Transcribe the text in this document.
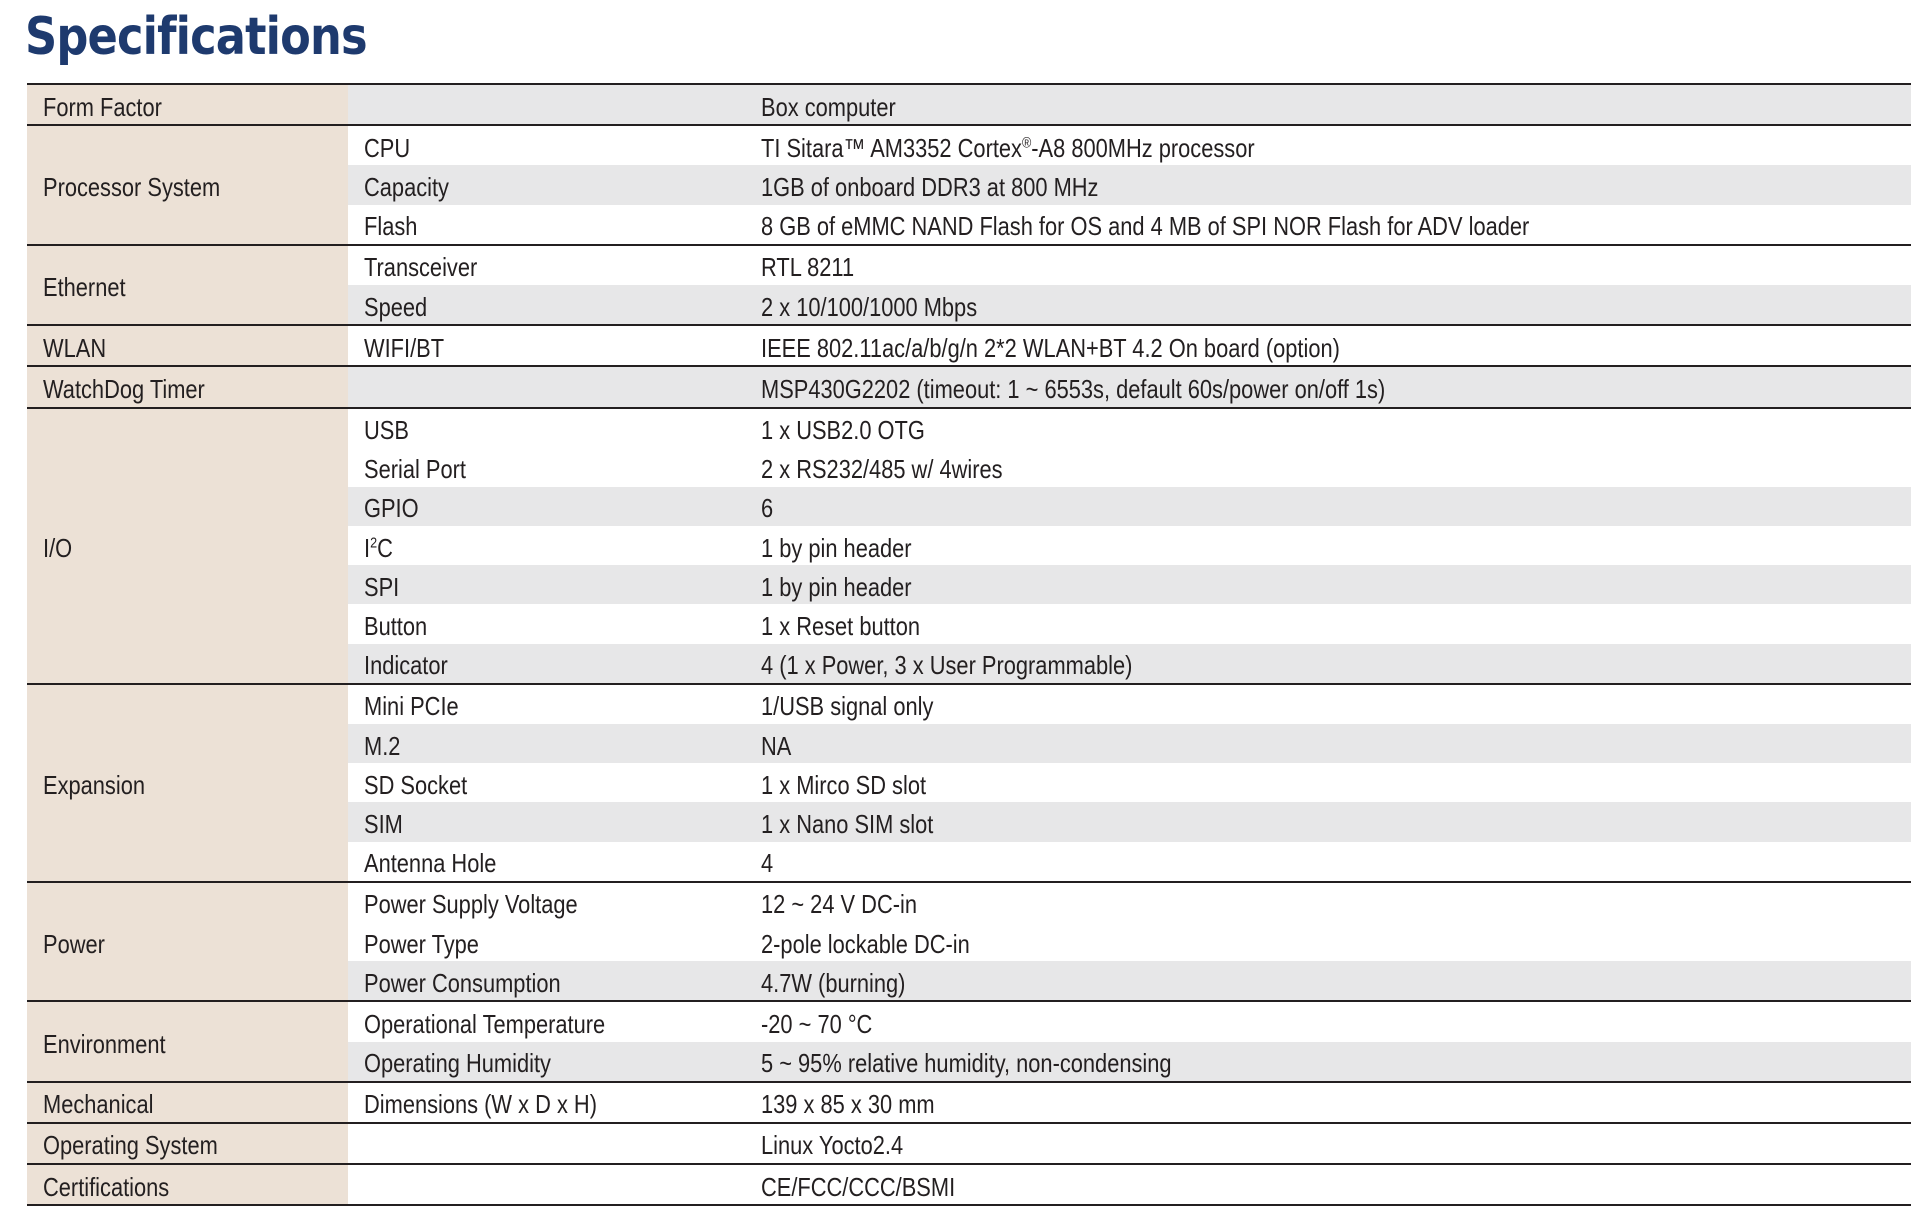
Specifications
Form Factor		Box computer
Processor System	CPU	TI Sitara™ AM3352 Cortex®-A8 800MHz processor
	Capacity	1GB of onboard DDR3 at 800 MHz
	Flash	8 GB of eMMC NAND Flash for OS and 4 MB of SPI NOR Flash for ADV loader
Ethernet	Transceiver	RTL 8211
	Speed	2 x 10/100/1000 Mbps
WLAN	WIFI/BT	IEEE 802.11ac/a/b/g/n 2*2 WLAN+BT 4.2 On board (option)
WatchDog Timer		MSP430G2202 (timeout: 1 ~ 6553s, default 60s/power on/off 1s)
I/O	USB	1 x USB2.0 OTG
	Serial Port	2 x RS232/485 w/ 4wires
	GPIO	6
	$I^2C$	1 by pin header
	SPI	1 by pin header
	Button	1 x Reset button
	Indicator	4 (1 x Power, 3 x User Programmable)
Expansion	Mini PCIe	1/USB signal only
	M.2	NA
	SD Socket	1 x Mirco SD slot
	SIM	1 x Nano SIM slot
	Antenna Hole	4
Power	Power Supply Voltage	12 ~ 24 V DC-in
	Power Type	2-pole lockable DC-in
	Power Consumption	4.7W (burning)
Environment	Operational Temperature	-20 ~ 70 °C
	Operating Humidity	5 ~ 95% relative humidity, non-condensing
Mechanical	Dimensions (W x D x H)	139 x 85 x 30 mm
Operating System		Linux Yocto2.4
Certifications		CE/FCC/CCC/BSMI
